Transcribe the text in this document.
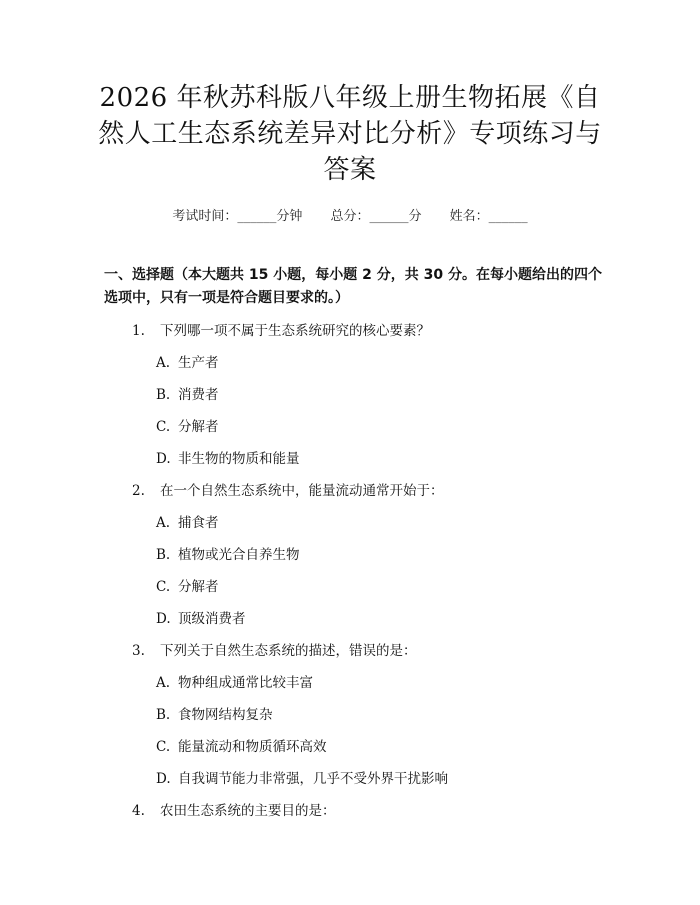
2026 年秋苏科版八年级上册生物拓展《自然人工生态系统差异对比分析》专项练习与答案
考试时间：______分钟 总分：______分 姓名：______
一、选择题（本大题共 15 小题，每小题 2 分，共 30 分。在每小题给出的四个选项中，只有一项是符合题目要求的。）
1.	下列哪一项不属于生态系统研究的核心要素？
A. 生产者
B. 消费者
C. 分解者
D. 非生物的物质和能量
2.	在一个自然生态系统中，能量流动通常开始于：
A. 捕食者
B. 植物或光合自养生物
C. 分解者
D. 顶级消费者
3.	下列关于自然生态系统的描述，错误的是：
A. 物种组成通常比较丰富
B. 食物网结构复杂
C. 能量流动和物质循环高效
D. 自我调节能力非常强，几乎不受外界干扰影响
4.	农田生态系统的主要目的是：
